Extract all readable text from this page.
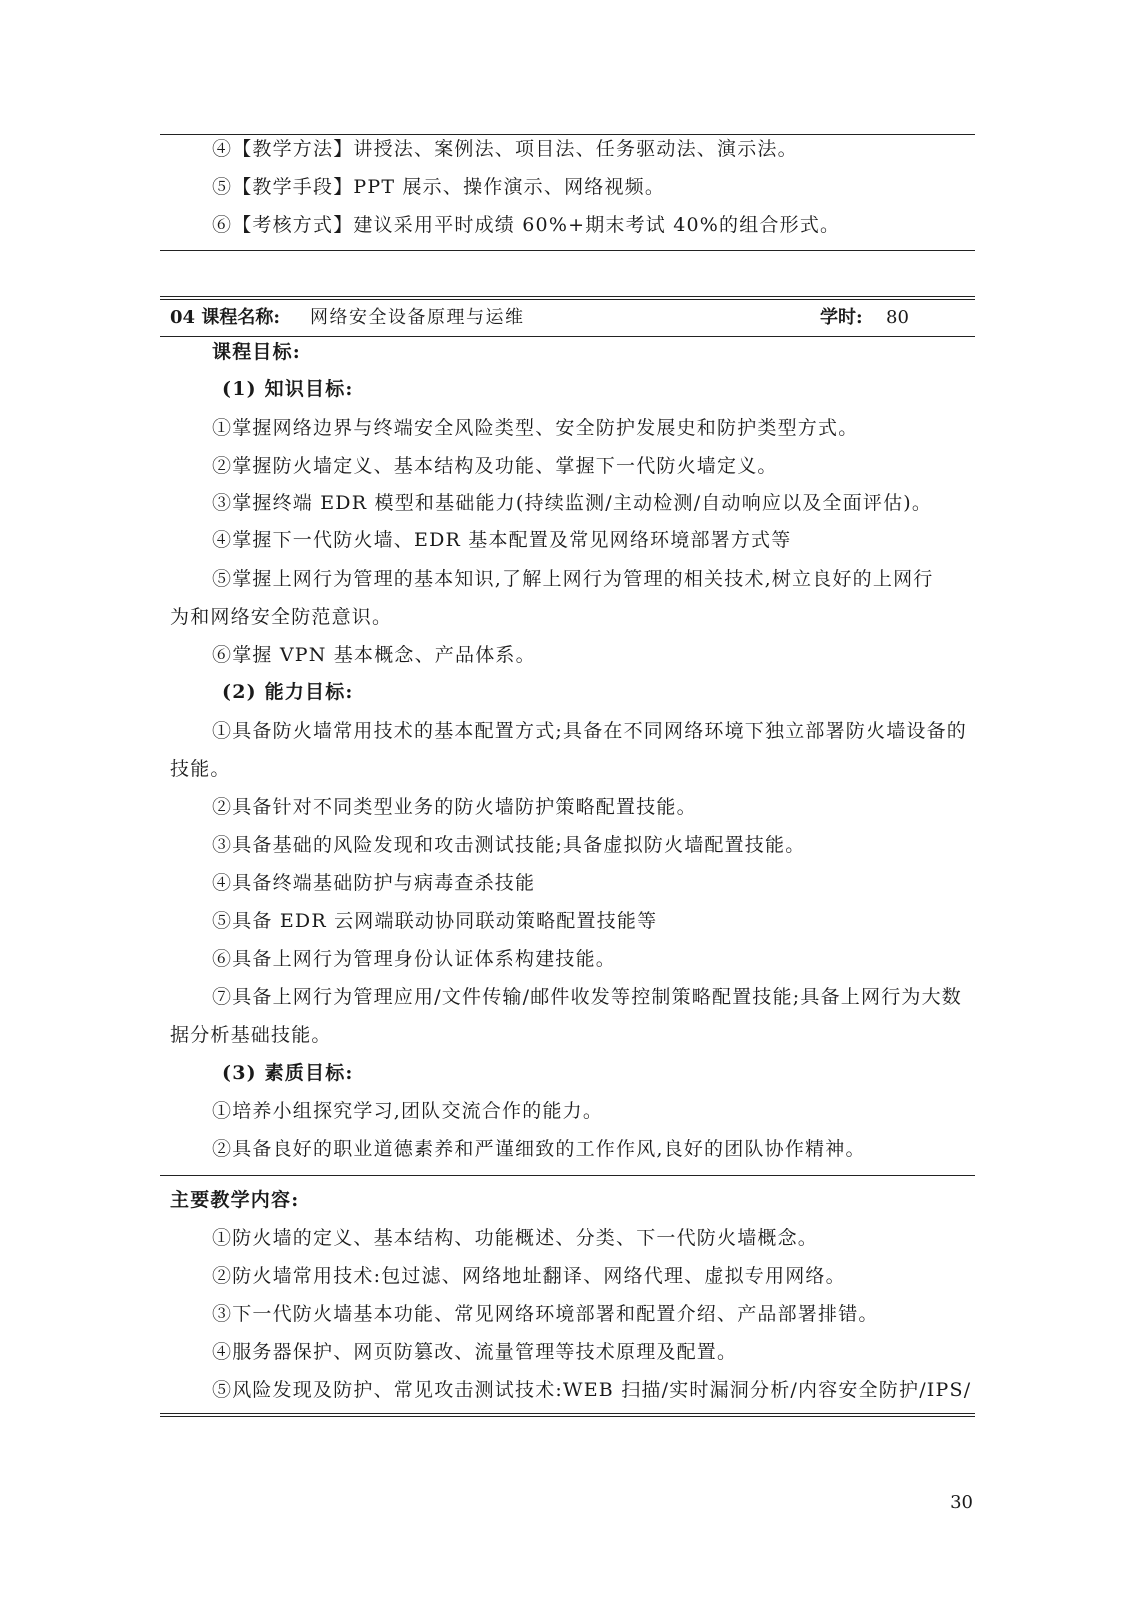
④【教学方法】讲授法、案例法、项目法、任务驱动法、演示法。
⑤【教学手段】PPT 展示、操作演示、网络视频。
⑥【考核方式】建议采用平时成绩 60%+期末考试 40%的组合形式。
04 课程名称: 网络安全设备原理与运维	学时: 80
课程目标:
(1) 知识目标:
①掌握网络边界与终端安全风险类型、安全防护发展史和防护类型方式。
②掌握防火墙定义、基本结构及功能、掌握下一代防火墙定义。
③掌握终端 EDR 模型和基础能力(持续监测/主动检测/自动响应以及全面评估)。
④掌握下一代防火墙、EDR 基本配置及常见网络环境部署方式等
⑤掌握上网行为管理的基本知识,了解上网行为管理的相关技术,树立良好的上网行
为和网络安全防范意识。
⑥掌握 VPN 基本概念、产品体系。
(2) 能力目标:
①具备防火墙常用技术的基本配置方式;具备在不同网络环境下独立部署防火墙设备的
技能。
②具备针对不同类型业务的防火墙防护策略配置技能。
③具备基础的风险发现和攻击测试技能;具备虚拟防火墙配置技能。
④具备终端基础防护与病毒查杀技能
⑤具备 EDR 云网端联动协同联动策略配置技能等
⑥具备上网行为管理身份认证体系构建技能。
⑦具备上网行为管理应用/文件传输/邮件收发等控制策略配置技能;具备上网行为大数
据分析基础技能。
(3) 素质目标:
①培养小组探究学习,团队交流合作的能力。
②具备良好的职业道德素养和严谨细致的工作作风,良好的团队协作精神。
主要教学内容:
①防火墙的定义、基本结构、功能概述、分类、下一代防火墙概念。
②防火墙常用技术:包过滤、网络地址翻译、网络代理、虚拟专用网络。
③下一代防火墙基本功能、常见网络环境部署和配置介绍、产品部署排错。
④服务器保护、网页防篡改、流量管理等技术原理及配置。
⑤风险发现及防护、常见攻击测试技术:WEB 扫描/实时漏洞分析/内容安全防护/IPS/
30
